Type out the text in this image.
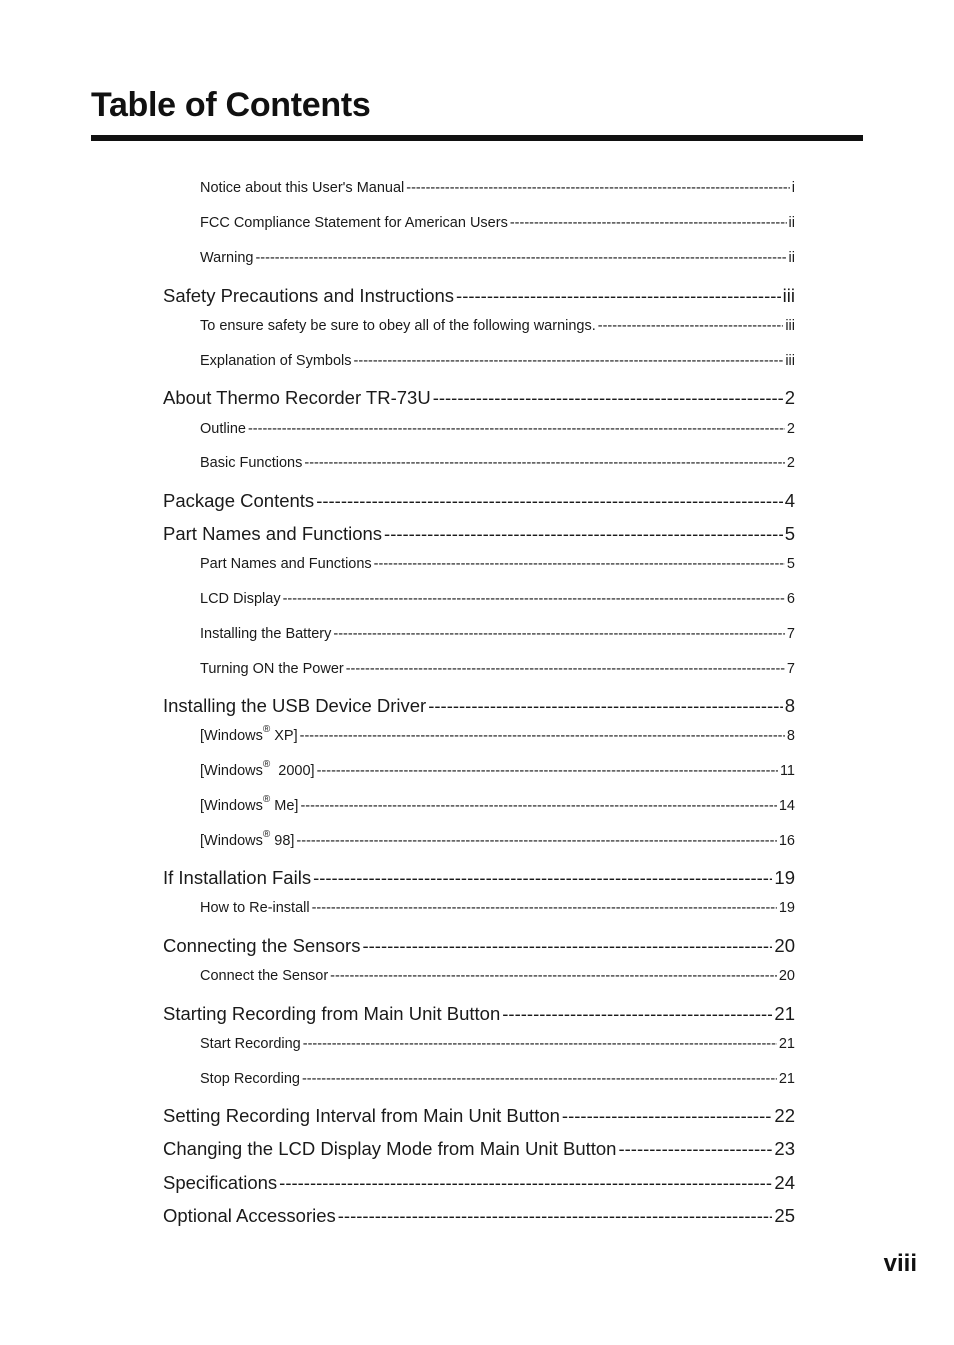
Table of Contents
Notice about this User's Manual -----	i
FCC Compliance Statement for American Users -----	ii
Warning -----	ii
Safety Precautions and Instructions -----	iii
To ensure safety be sure to obey all of the following warnings. -----	iii
Explanation of Symbols -----	iii
About Thermo Recorder TR-73U -----	2
Outline -----	2
Basic Functions -----	2
Package Contents -----	4
Part Names and Functions -----	5
Part Names and Functions -----	5
LCD Display -----	6
Installing the Battery -----	7
Turning ON the Power -----	7
Installing the USB Device Driver -----	8
[Windows® XP] -----	8
[Windows®  2000] -----	11
[Windows® Me] -----	14
[Windows® 98] -----	16
If Installation Fails -----	19
How to Re-install -----	19
Connecting the Sensors -----	20
Connect the Sensor -----	20
Starting Recording from Main Unit Button -----	21
Start Recording -----	21
Stop Recording -----	21
Setting Recording Interval from Main Unit Button -----	22
Changing the LCD Display Mode from Main Unit Button -----	23
Specifications -----	24
Optional Accessories -----	25

viii
